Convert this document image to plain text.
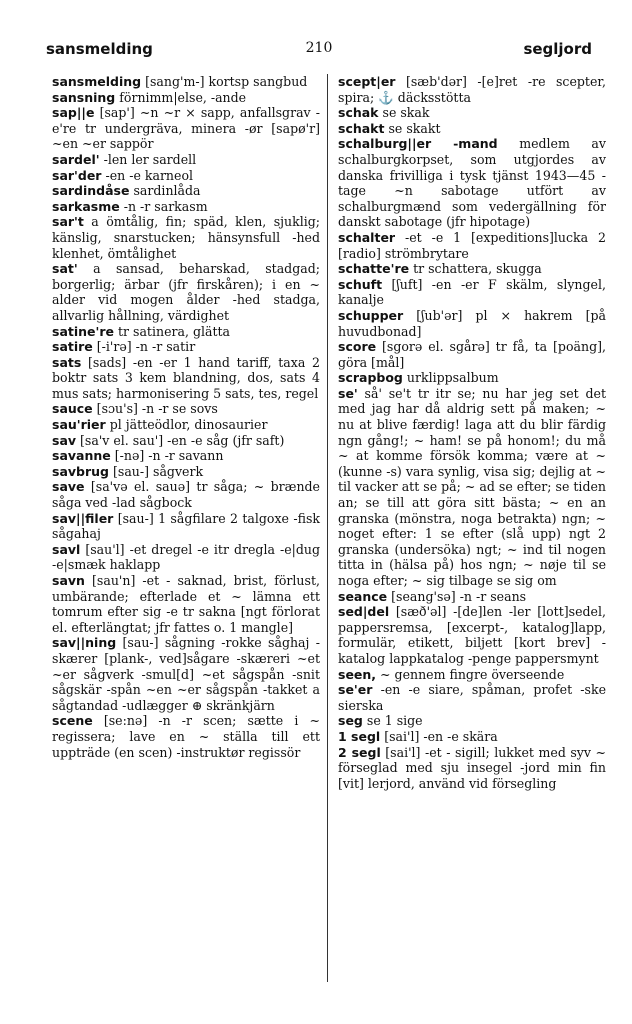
210
sansmelding	segljord
sansmelding [sang'm-] kortsp sangbud
sansning förnimm|else, -ande
sap||e [sap'] ~n ~r ⨯ sapp, anfallsgrav -e're tr undergräva, minera -ør [sapø'r] ~en ~er sappör
sardel' -len ler sardell
sar'der -en -e karneol
sardindåse sardinlåda
sarkasme -n -r sarkasm
sar't a ömtålig, fin; späd, klen, sjuklig; känslig, snarstucken; hänsynsfull -hed klenhet, ömtålighet
sat' a sansad, beharskad, stadgad; borgerlig; ärbar (jfr firskåren); i en ~ alder vid mogen ålder -hed stadga, allvarlig hållning, värdighet
satine're tr satinera, glätta
satire [-i'rə] -n -r satir
sats [sads] -en -er 1 hand tariff, taxa 2 boktr sats 3 kem blandning, dos, sats 4 mus sats; harmonisering 5 sats, tes, regel
sauce [sɔu's] -n -r se sovs
sau'rier pl jätteödlor, dinosaurier
sav [sa'v el. sau'] -en -e såg (jfr saft)
savanne [-nə] -n -r savann
savbrug [sau-] sågverk
save [sa'və el. sauə] tr såga; ~ brænde såga ved -lad sågbock
sav||filer [sau-] 1 sågfilare 2 talgoxe -fisk sågahaj
savl [sau'l] -et dregel -e itr dregla -e|dug -e|smæk haklapp
savn [sau'n] -et - saknad, brist, förlust, umbärande; efterlade et ~ lämna ett tomrum efter sig -e tr sakna [ngt förlorat el. efterlängtat; jfr fattes o. 1 mangle]
sav||ning [sau-] sågning -rokke såghaj -skærer [plank-, ved]sågare -skæreri ~et ~er sågverk -smul[d] ~et sågspån -snit sågskär -spån ~en ~er sågspån -takket a sågtandad -udlægger ⊕ skränkjärn
scene [se:nə] -n -r scen; sætte i ~ regissera; lave en ~ ställa till ett uppträde (en scen) -instruktør regissör
scept|er [sæb'dər] -[e]ret -re scepter, spira; ⚓ däcksstötta
schak se skak
schakt se skakt
schalburg||er -mand medlem av schalburgkorpset, som utgjordes av danska frivilliga i tysk tjänst 1943—45 -tage ~n sabotage utfört av schalburgmænd som vedergällning för danskt sabotage (jfr hipotage)
schalter -et -e 1 [expeditions]lucka 2 [radio] strömbrytare
schatte're tr schattera, skugga
schuft [ʃuft] -en -er F skälm, slyngel, kanalje
schupper [ʃub'ər] pl ⨯ hakrem [på huvudbonad]
score [sgorə el. sgårə] tr få, ta [poäng], göra [mål]
scrapbog urklippsalbum
se' så' se't tr itr se; nu har jeg set det med jag har då aldrig sett på maken; ~ nu at blive færdig! laga att du blir färdig ngn gång!; ~ ham! se på honom!; du må ~ at komme försök komma; være at ~ (kunne -s) vara synlig, visa sig; dejlig at ~ til vacker att se på; ~ ad se efter; se tiden an; se till att göra sitt bästa; ~ en an granska (mönstra, noga betrakta) ngn; ~ noget efter: 1 se efter (slå upp) ngt 2 granska (undersöka) ngt; ~ ind til nogen titta in (hälsa på) hos ngn; ~ nøje til se noga efter; ~ sig tilbage se sig om
seance [seang'sə] -n -r seans
sed|del [sæð'əl] -[de]len -ler [lott]sedel, pappersremsa, [excerpt-, katalog]lapp, formulär, etikett, biljett [kort brev] -katalog lappkatalog -penge pappersmynt
seen, ~ gennem fingre överseende
se'er -en -e siare, spåman, profet -ske sierska
seg se 1 sige
1 segl [sai'l] -en -e skära
2 segl [sai'l] -et - sigill; lukket med syv ~ förseglad med sju insegel -jord min fin [vit] lerjord, använd vid försegling
